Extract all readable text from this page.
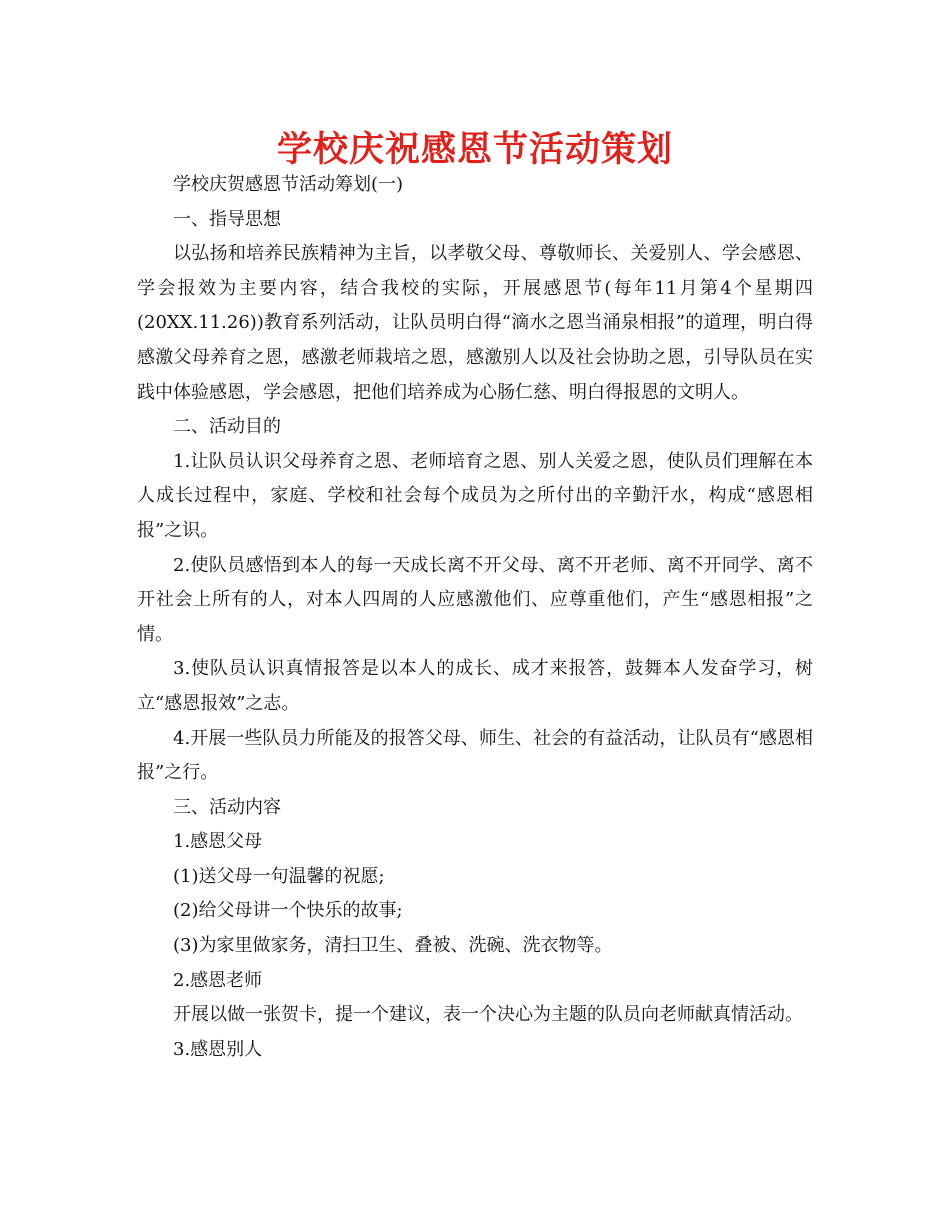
学校庆祝感恩节活动策划

学校庆贺感恩节活动筹划(一)

一、指导思想

以弘扬和培养民族精神为主旨，以孝敬父母、尊敬师长、关爱别人、学会感恩、学会报效为主要内容，结合我校的实际，开展感恩节(每年11月第4个星期四(20XX.11.26))教育系列活动，让队员明白得“滴水之恩当涌泉相报”的道理，明白得感激父母养育之恩，感激老师栽培之恩，感激别人以及社会协助之恩，引导队员在实践中体验感恩，学会感恩，把他们培养成为心肠仁慈、明白得报恩的文明人。

二、活动目的

1.让队员认识父母养育之恩、老师培育之恩、别人关爱之恩，使队员们理解在本人成长过程中，家庭、学校和社会每个成员为之所付出的辛勤汗水，构成“感恩相报”之识。

2.使队员感悟到本人的每一天成长离不开父母、离不开老师、离不开同学、离不开社会上所有的人，对本人四周的人应感激他们、应尊重他们，产生“感恩相报”之情。

3.使队员认识真情报答是以本人的成长、成才来报答，鼓舞本人发奋学习，树立“感恩报效”之志。

4.开展一些队员力所能及的报答父母、师生、社会的有益活动，让队员有“感恩相报”之行。

三、活动内容

1.感恩父母

(1)送父母一句温馨的祝愿;

(2)给父母讲一个快乐的故事;

(3)为家里做家务，清扫卫生、叠被、洗碗、洗衣物等。

2.感恩老师

开展以做一张贺卡，提一个建议，表一个决心为主题的队员向老师献真情活动。

3.感恩别人
